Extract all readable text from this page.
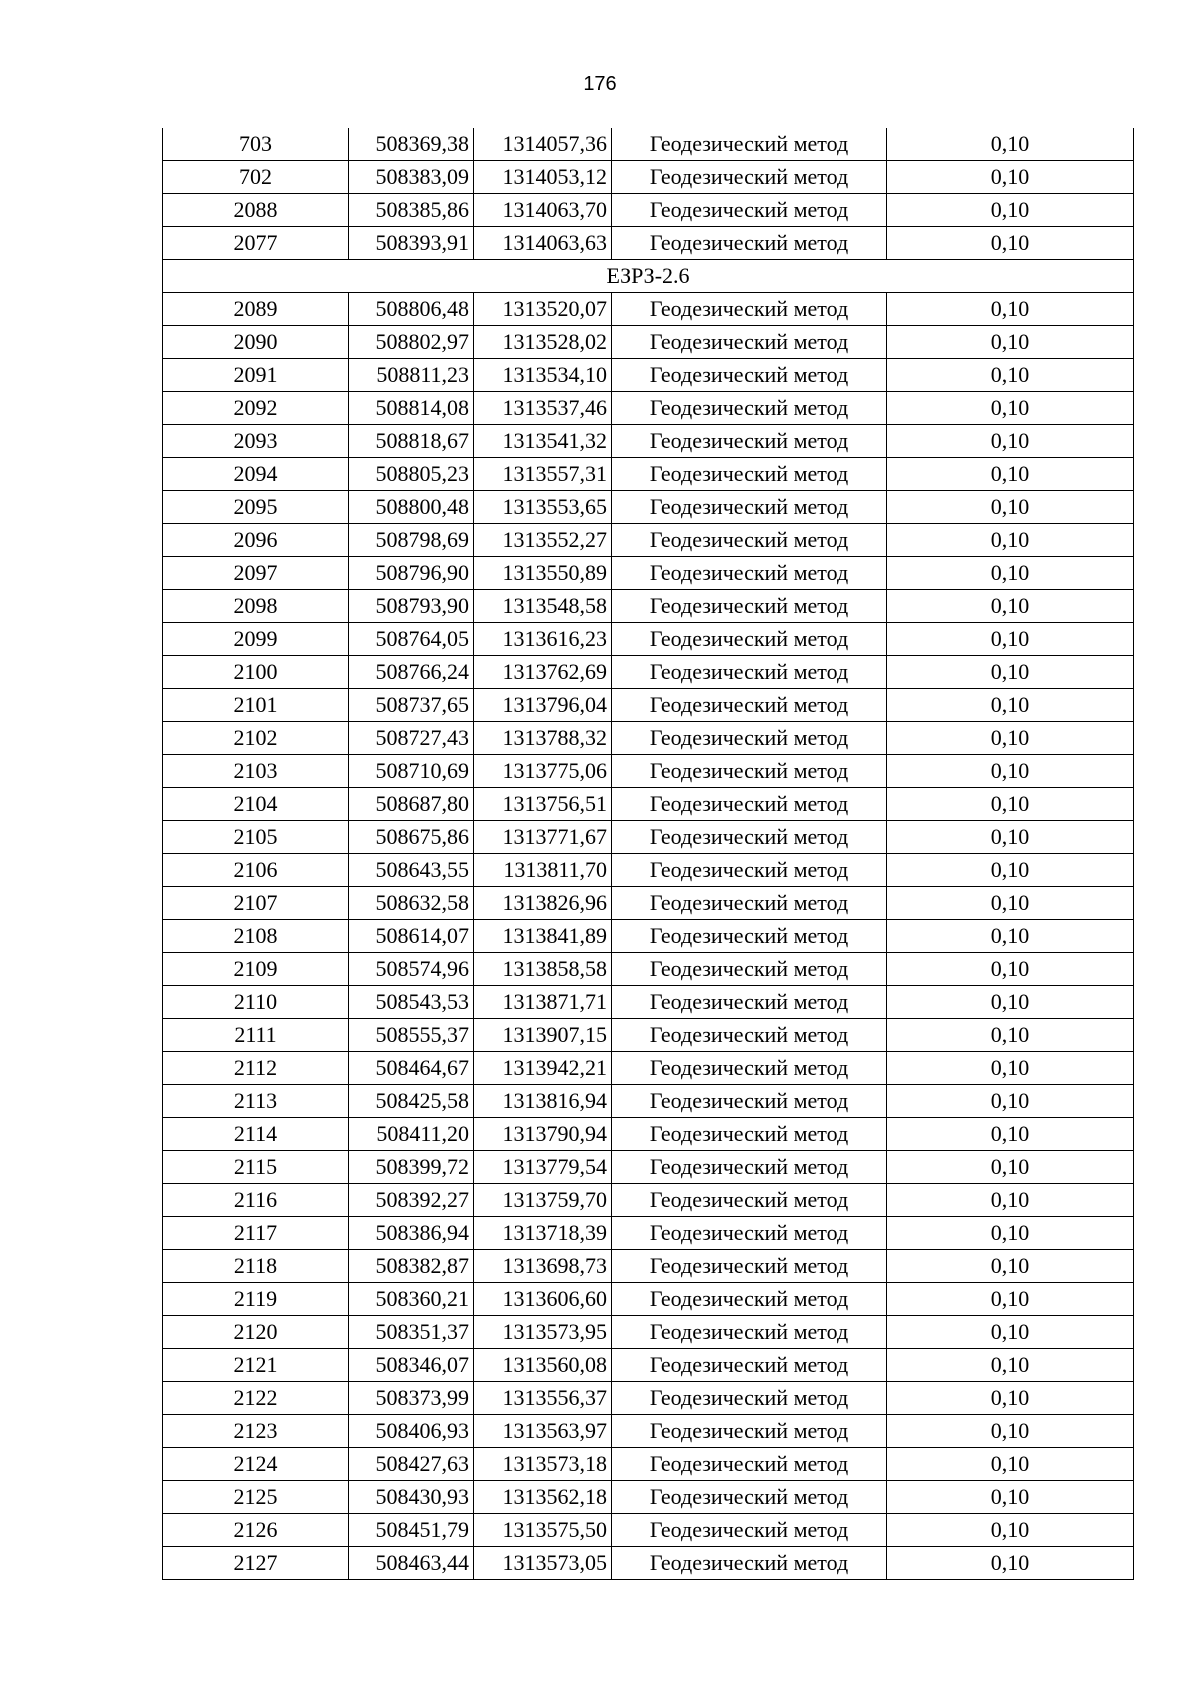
176
703	508369,38	1314057,36	Геодезический метод	0,10
702	508383,09	1314053,12	Геодезический метод	0,10
2088	508385,86	1314063,70	Геодезический метод	0,10
2077	508393,91	1314063,63	Геодезический метод	0,10
ЕЗРЗ-2.6				
2089	508806,48	1313520,07	Геодезический метод	0,10
2090	508802,97	1313528,02	Геодезический метод	0,10
2091	508811,23	1313534,10	Геодезический метод	0,10
2092	508814,08	1313537,46	Геодезический метод	0,10
2093	508818,67	1313541,32	Геодезический метод	0,10
2094	508805,23	1313557,31	Геодезический метод	0,10
2095	508800,48	1313553,65	Геодезический метод	0,10
2096	508798,69	1313552,27	Геодезический метод	0,10
2097	508796,90	1313550,89	Геодезический метод	0,10
2098	508793,90	1313548,58	Геодезический метод	0,10
2099	508764,05	1313616,23	Геодезический метод	0,10
2100	508766,24	1313762,69	Геодезический метод	0,10
2101	508737,65	1313796,04	Геодезический метод	0,10
2102	508727,43	1313788,32	Геодезический метод	0,10
2103	508710,69	1313775,06	Геодезический метод	0,10
2104	508687,80	1313756,51	Геодезический метод	0,10
2105	508675,86	1313771,67	Геодезический метод	0,10
2106	508643,55	1313811,70	Геодезический метод	0,10
2107	508632,58	1313826,96	Геодезический метод	0,10
2108	508614,07	1313841,89	Геодезический метод	0,10
2109	508574,96	1313858,58	Геодезический метод	0,10
2110	508543,53	1313871,71	Геодезический метод	0,10
2111	508555,37	1313907,15	Геодезический метод	0,10
2112	508464,67	1313942,21	Геодезический метод	0,10
2113	508425,58	1313816,94	Геодезический метод	0,10
2114	508411,20	1313790,94	Геодезический метод	0,10
2115	508399,72	1313779,54	Геодезический метод	0,10
2116	508392,27	1313759,70	Геодезический метод	0,10
2117	508386,94	1313718,39	Геодезический метод	0,10
2118	508382,87	1313698,73	Геодезический метод	0,10
2119	508360,21	1313606,60	Геодезический метод	0,10
2120	508351,37	1313573,95	Геодезический метод	0,10
2121	508346,07	1313560,08	Геодезический метод	0,10
2122	508373,99	1313556,37	Геодезический метод	0,10
2123	508406,93	1313563,97	Геодезический метод	0,10
2124	508427,63	1313573,18	Геодезический метод	0,10
2125	508430,93	1313562,18	Геодезический метод	0,10
2126	508451,79	1313575,50	Геодезический метод	0,10
2127	508463,44	1313573,05	Геодезический метод	0,10
